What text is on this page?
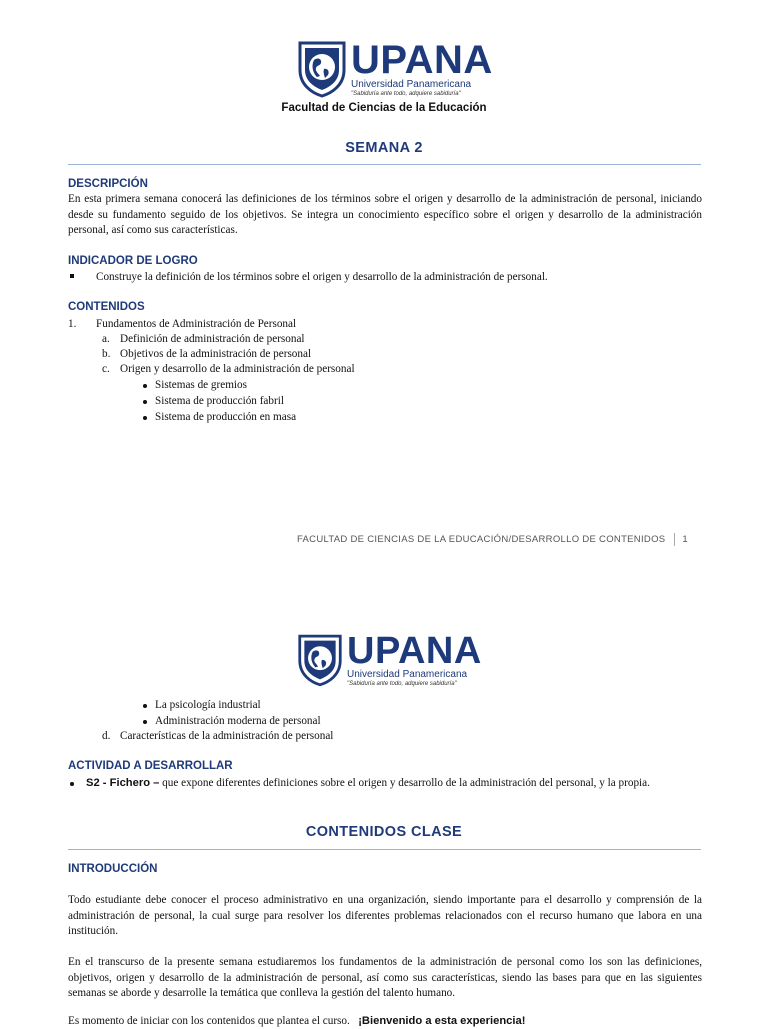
UPANA
Universidad Panamericana
"Sabiduría ante todo, adquiere sabiduría"
Facultad de Ciencias de la Educación
SEMANA 2
DESCRIPCIÓN
En esta primera semana conocerá las definiciones de los términos sobre el origen y desarrollo de la administración de personal, iniciando desde su fundamento seguido de los objetivos. Se integra un conocimiento específico sobre el origen y desarrollo de la administración personal, así como sus características.
INDICADOR DE LOGRO
Construye la definición de los términos sobre el origen y desarrollo de la administración de personal.
CONTENIDOS
1. Fundamentos de Administración de Personal
a. Definición de administración de personal
b. Objetivos de la administración de personal
c. Origen y desarrollo de la administración de personal
Sistemas de gremios
Sistema de producción fabril
Sistema de producción en masa
FACULTAD DE CIENCIAS DE LA EDUCACIÓN/DESARROLLO DE CONTENIDOS 1
UPANA
Universidad Panamericana
"Sabiduría ante todo, adquiere sabiduría"
La psicología industrial
Administración moderna de personal
d. Características de la administración de personal
ACTIVIDAD A DESARROLLAR
S2 - Fichero – que expone diferentes definiciones sobre el origen y desarrollo de la administración del personal, y la propia.
CONTENIDOS CLASE
INTRODUCCIÓN
Todo estudiante debe conocer el proceso administrativo en una organización, siendo importante para el desarrollo y comprensión de la administración de personal, la cual surge para resolver los diferentes problemas relacionados con el recurso humano que labora en una institución.
En el transcurso de la presente semana estudiaremos los fundamentos de la administración de personal como los son las definiciones, objetivos, origen y desarrollo de la administración de personal, así como sus características, siendo las bases para que en las siguientes semanas se aborde y desarrolle la temática que conlleva la gestión del talento humano.
Es momento de iniciar con los contenidos que plantea el curso. ¡Bienvenido a esta experiencia!
